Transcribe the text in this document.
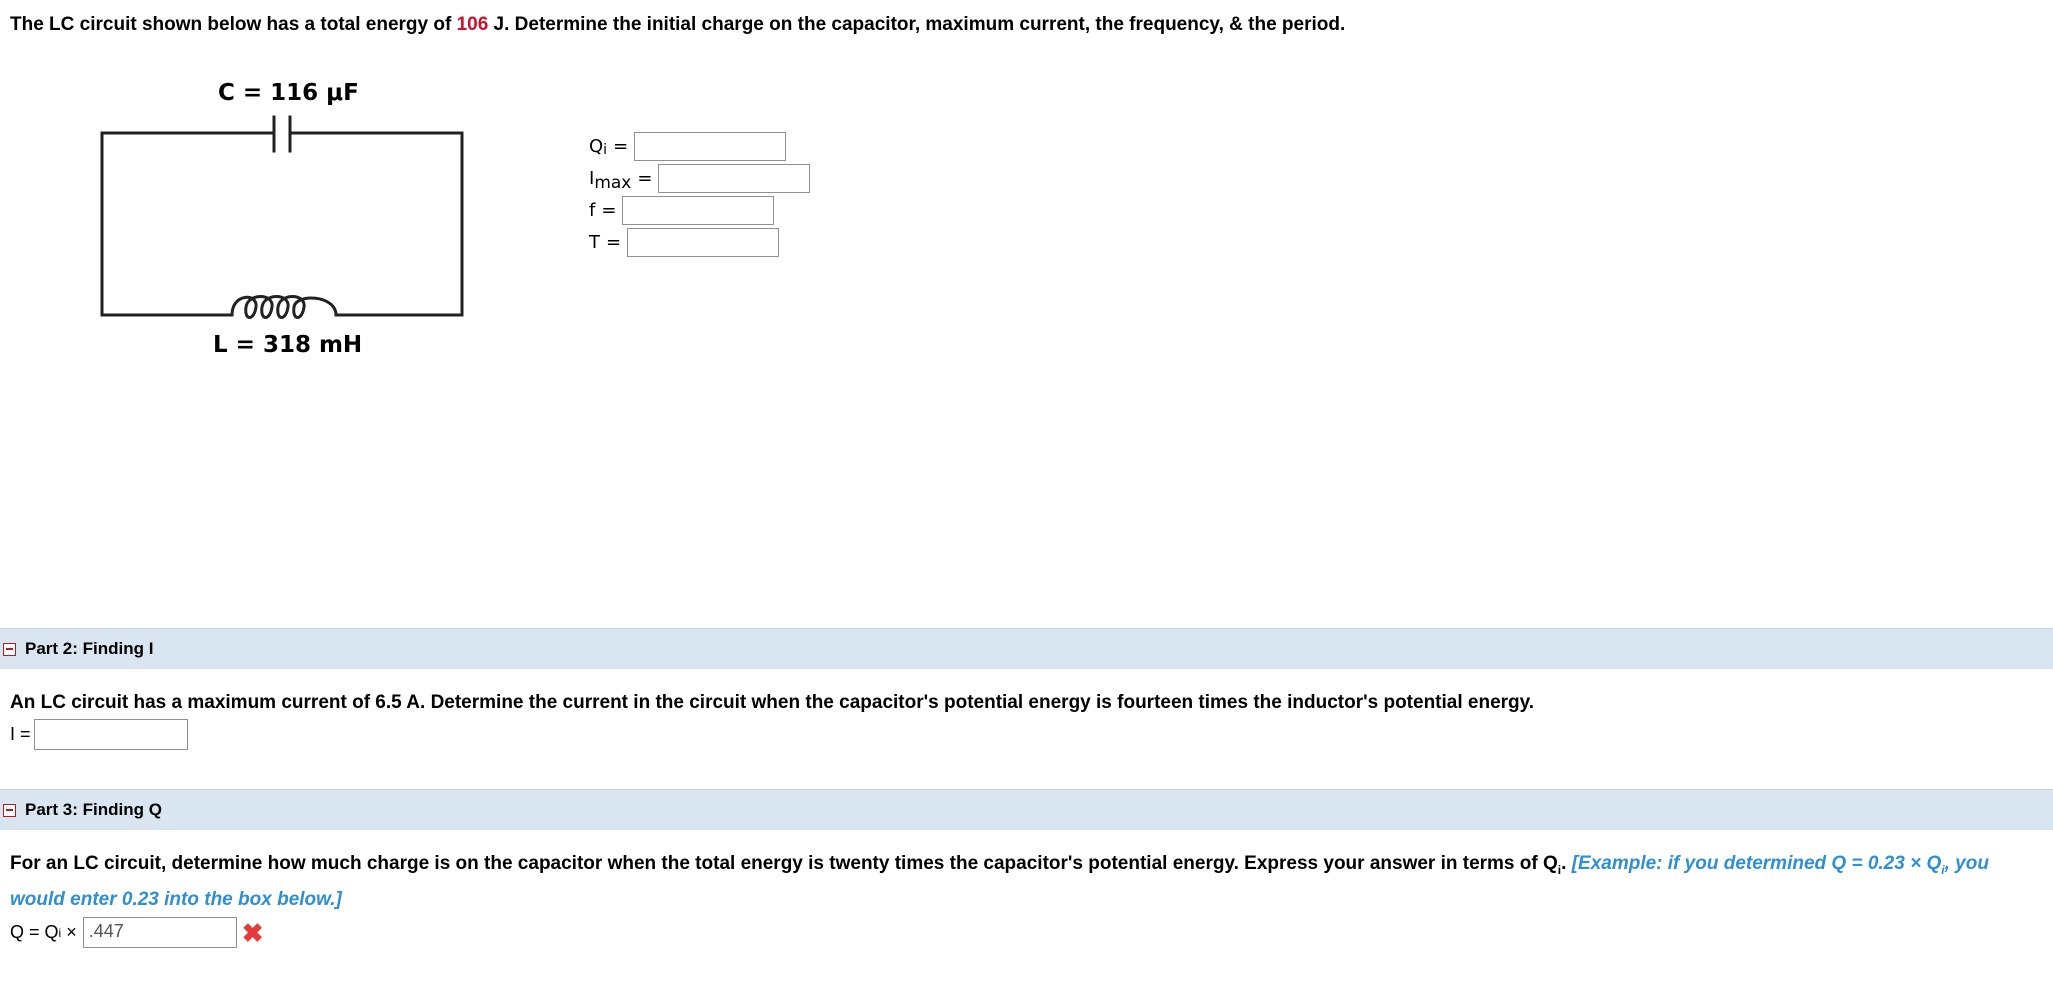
The LC circuit shown below has a total energy of 106 J. Determine the initial charge on the capacitor, maximum current, the frequency, & the period.
C = 116 μF
L = 318 mH
Q i =
I max =
f =
T =
Part 2: Finding I
An LC circuit has a maximum current of 6.5 A. Determine the current in the circuit when the capacitor's potential energy is fourteen times the inductor's potential energy.
I =
Part 3: Finding Q
For an LC circuit, determine how much charge is on the capacitor when the total energy is twenty times the capacitor's potential energy. Express your answer in terms of $Q_i$. [Example: if you determined $Q = 0.23 \times Q_i$, you
would enter 0.23 into the box below.]
Q = Q i × .447	✖
